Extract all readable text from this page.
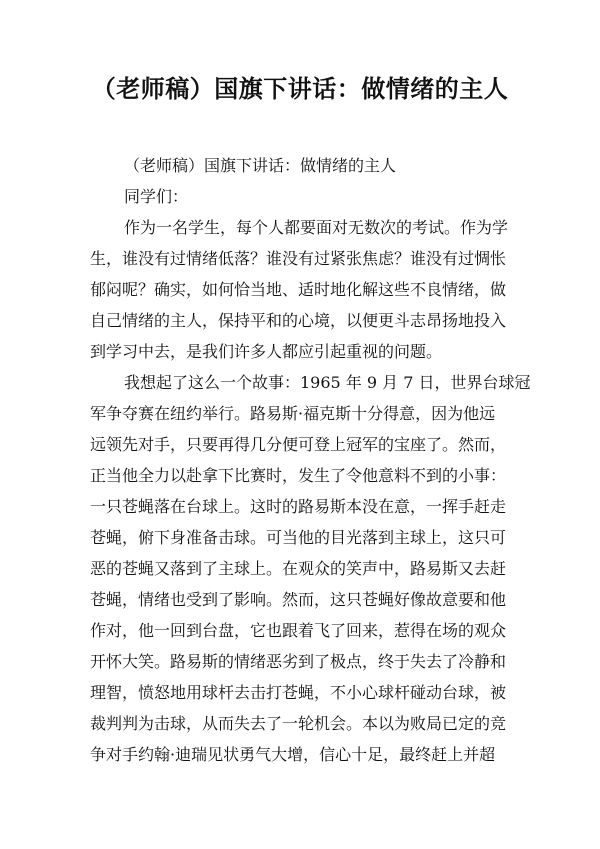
（老师稿）国旗下讲话：做情绪的主人
（老师稿）国旗下讲话：做情绪的主人
同学们：
作为一名学生，每个人都要面对无数次的考试。作为学
生，谁没有过情绪低落？谁没有过紧张焦虑？谁没有过惆怅
郁闷呢？确实，如何恰当地、适时地化解这些不良情绪，做
自己情绪的主人，保持平和的心境，以便更斗志昂扬地投入
到学习中去，是我们许多人都应引起重视的问题。
我想起了这么一个故事：1965 年 9 月 7 日，世界台球冠
军争夺赛在纽约举行。路易斯·福克斯十分得意，因为他远
远领先对手，只要再得几分便可登上冠军的宝座了。然而，
正当他全力以赴拿下比赛时，发生了令他意料不到的小事：
一只苍蝇落在台球上。这时的路易斯本没在意，一挥手赶走
苍蝇，俯下身准备击球。可当他的目光落到主球上，这只可
恶的苍蝇又落到了主球上。在观众的笑声中，路易斯又去赶
苍蝇，情绪也受到了影响。然而，这只苍蝇好像故意要和他
作对，他一回到台盘，它也跟着飞了回来，惹得在场的观众
开怀大笑。路易斯的情绪恶劣到了极点，终于失去了冷静和
理智，愤怒地用球杆去击打苍蝇，不小心球杆碰动台球，被
裁判判为击球，从而失去了一轮机会。本以为败局已定的竞
争对手约翰·迪瑞见状勇气大增，信心十足，最终赶上并超
